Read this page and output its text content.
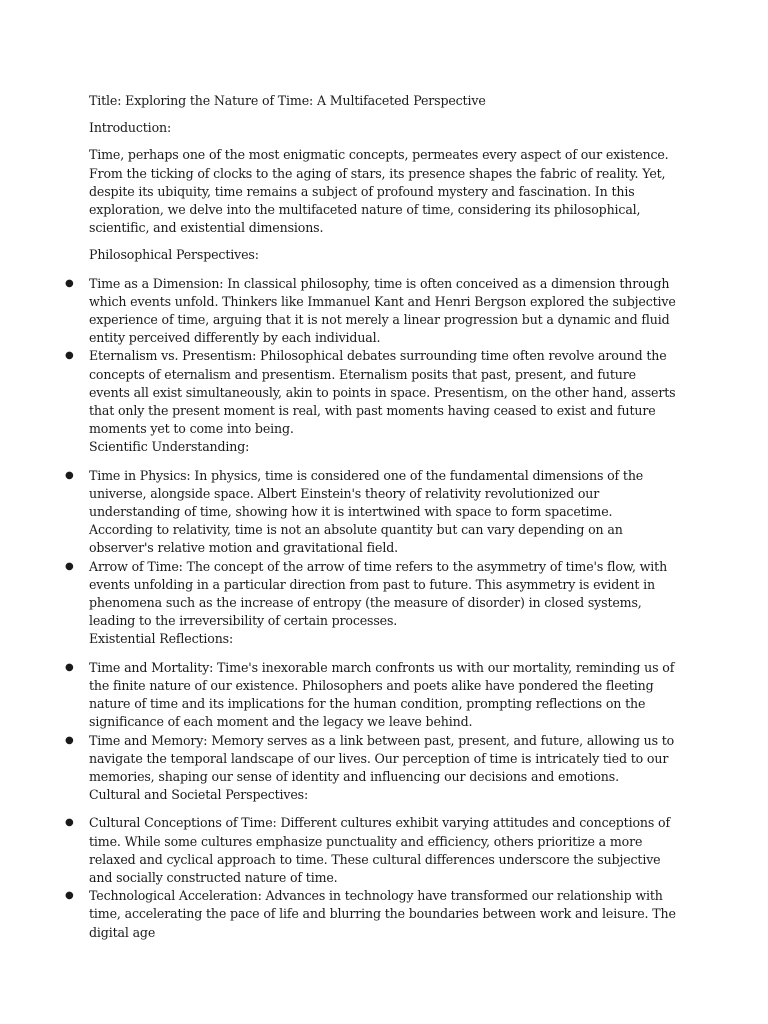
Title: Exploring the Nature of Time: A Multifaceted Perspective

Introduction:

Time, perhaps one of the most enigmatic concepts, permeates every aspect of our existence. From the ticking of clocks to the aging of stars, its presence shapes the fabric of reality. Yet, despite its ubiquity, time remains a subject of profound mystery and fascination. In this exploration, we delve into the multifaceted nature of time, considering its philosophical, scientific, and existential dimensions.

Philosophical Perspectives:

● Time as a Dimension: In classical philosophy, time is often conceived as a dimension through which events unfold. Thinkers like Immanuel Kant and Henri Bergson explored the subjective experience of time, arguing that it is not merely a linear progression but a dynamic and fluid entity perceived differently by each individual.
● Eternalism vs. Presentism: Philosophical debates surrounding time often revolve around the concepts of eternalism and presentism. Eternalism posits that past, present, and future events all exist simultaneously, akin to points in space. Presentism, on the other hand, asserts that only the present moment is real, with past moments having ceased to exist and future moments yet to come into being.

Scientific Understanding:

● Time in Physics: In physics, time is considered one of the fundamental dimensions of the universe, alongside space. Albert Einstein's theory of relativity revolutionized our understanding of time, showing how it is intertwined with space to form spacetime. According to relativity, time is not an absolute quantity but can vary depending on an observer's relative motion and gravitational field.
● Arrow of Time: The concept of the arrow of time refers to the asymmetry of time's flow, with events unfolding in a particular direction from past to future. This asymmetry is evident in phenomena such as the increase of entropy (the measure of disorder) in closed systems, leading to the irreversibility of certain processes.

Existential Reflections:

● Time and Mortality: Time's inexorable march confronts us with our mortality, reminding us of the finite nature of our existence. Philosophers and poets alike have pondered the fleeting nature of time and its implications for the human condition, prompting reflections on the significance of each moment and the legacy we leave behind.
● Time and Memory: Memory serves as a link between past, present, and future, allowing us to navigate the temporal landscape of our lives. Our perception of time is intricately tied to our memories, shaping our sense of identity and influencing our decisions and emotions.

Cultural and Societal Perspectives:

● Cultural Conceptions of Time: Different cultures exhibit varying attitudes and conceptions of time. While some cultures emphasize punctuality and efficiency, others prioritize a more relaxed and cyclical approach to time. These cultural differences underscore the subjective and socially constructed nature of time.
● Technological Acceleration: Advances in technology have transformed our relationship with time, accelerating the pace of life and blurring the boundaries between work and leisure. The digital age
